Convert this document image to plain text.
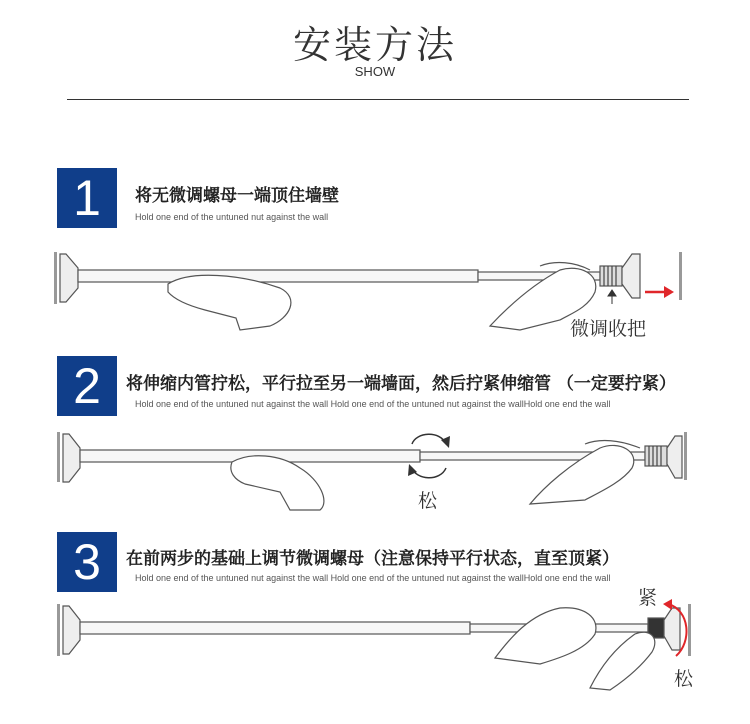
安装方法
SHOW
1	将无微调螺母一端顶住墙壁
Hold one end of the untuned nut against the wall
微调收把
2	将伸缩内管拧松，平行拉至另一端墙面，然后拧紧伸缩管 （一定要拧紧）
Hold one end of the untuned nut against the wall Hold one end of the untuned nut against the wallHold one end the wall
松
3	在前两步的基础上调节微调螺母（注意保持平行状态，直至顶紧）
Hold one end of the untuned nut against the wall Hold one end of the untuned nut against the wallHold one end the wall
紧
松
